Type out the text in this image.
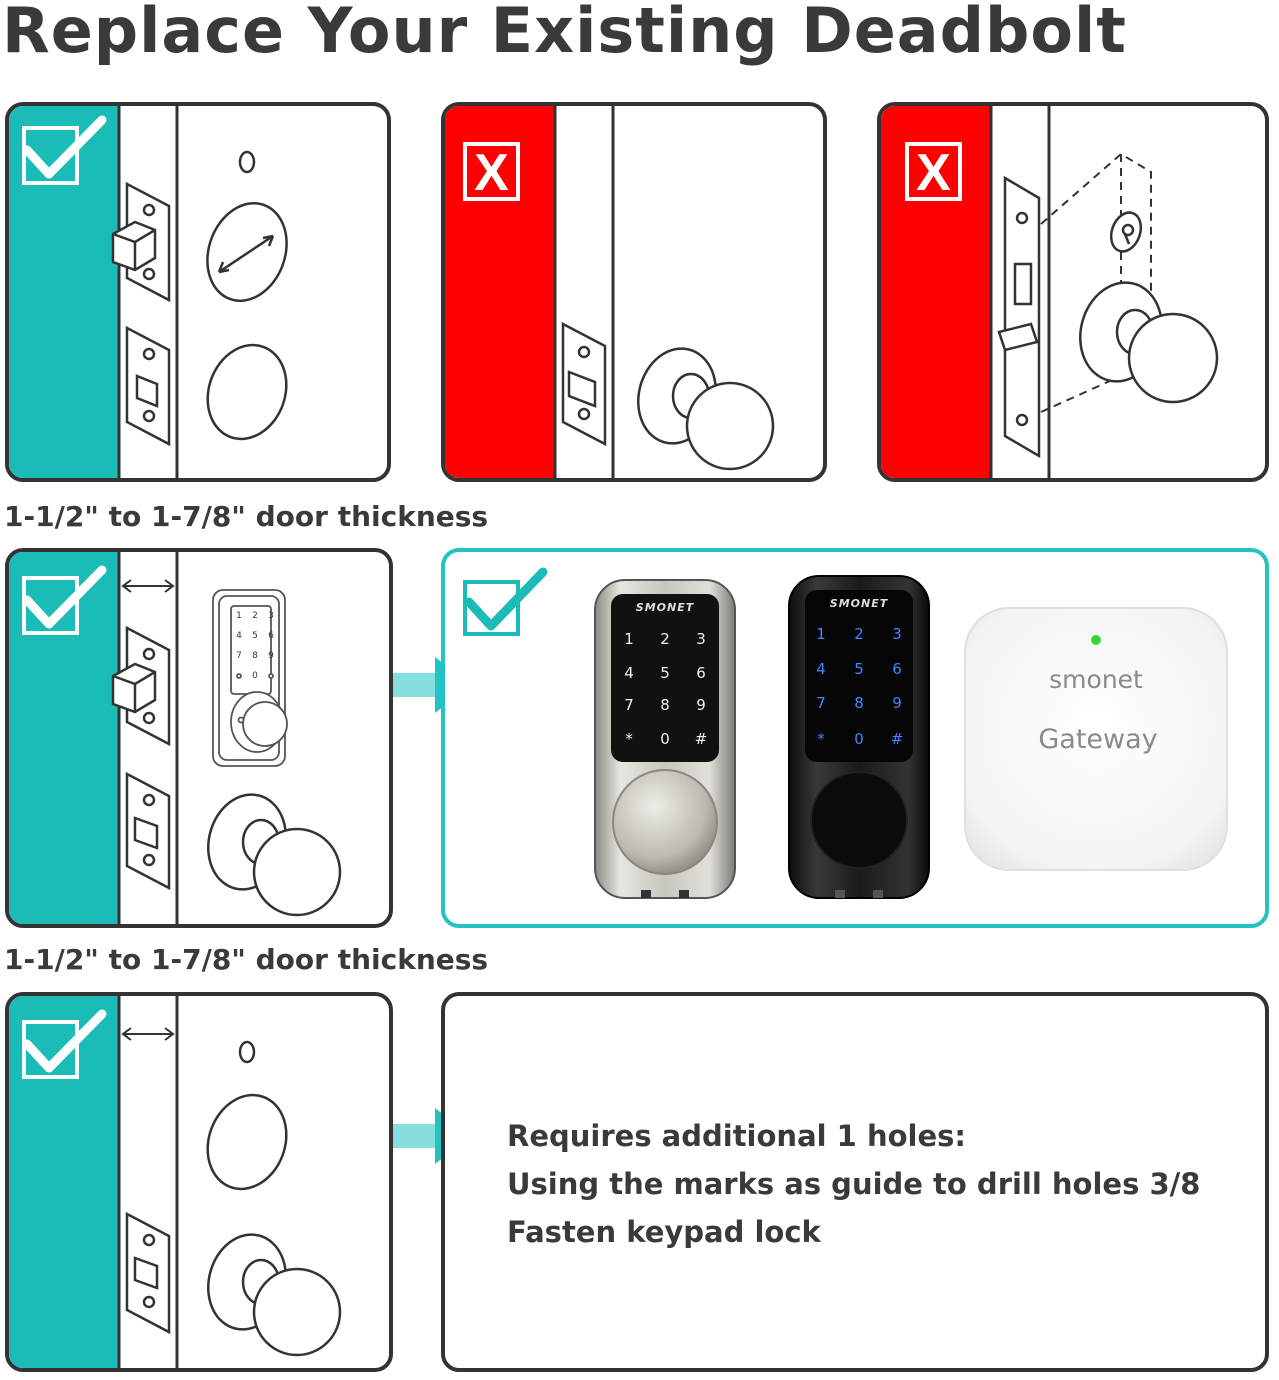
Replace Your Existing Deadbolt
X	X
1-1/2" to 1-7/8" door thickness
1 2 3
4 5 6
7 8 9
0
SMONET
1 2 3
4 5 6
7 8 9
* 0 #
SMONET
1 2 3
4 5 6
7 8 9
* 0 #
smonet
Gateway
1-1/2" to 1-7/8" door thickness
Requires additional 1 holes:
Using the marks as guide to drill holes 3/8
Fasten keypad lock
